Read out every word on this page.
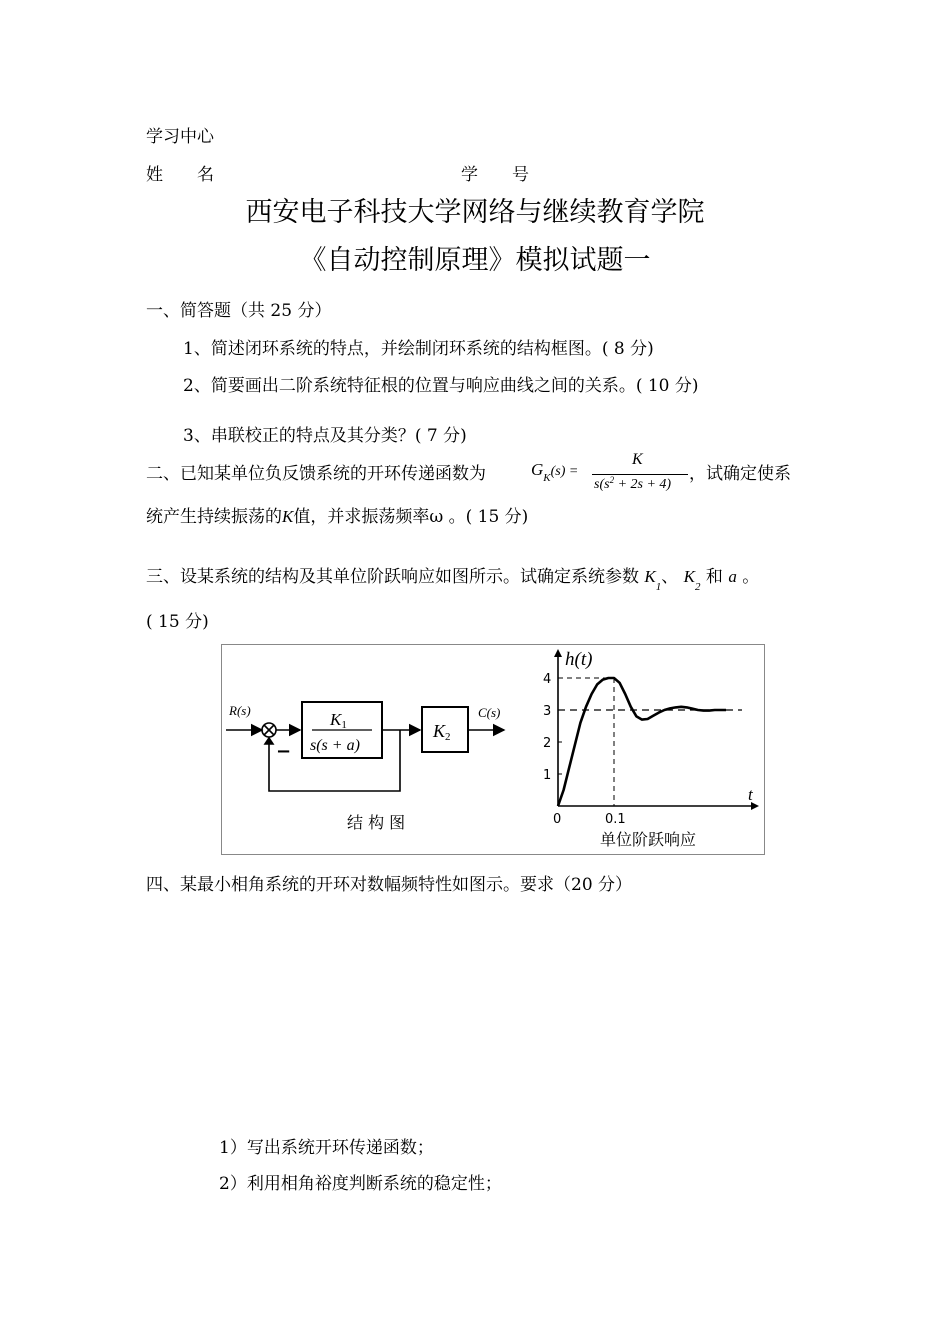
学习中心
姓　　名	学　　号
西安电子科技大学网络与继续教育学院
《自动控制原理》模拟试题一
一、简答题（共 25 分）
1、简述闭环系统的特点，并绘制闭环系统的结构框图。( 8 分)
2、简要画出二阶系统特征根的位置与响应曲线之间的关系。( 10 分)
3、串联校正的特点及其分类？( 7 分)
二、已知某单位负反馈系统的开环传递函数为	$G_K(s)$ =
K
$s(s^2 + 2s + 4)$
，试确定使系
统产生持续振荡的K值，并求振荡频率ω 。( 15 分)
三、设某系统的结构及其单位阶跃响应如图所示。试确定系统参数 $K_1$、 $K_2$ 和 a 。
( 15 分)
R(s)	C(s)
−
K1
s(s + a)
K2
结 构 图
1
2
3
4
0	0.1
h(t)
t
单位阶跃响应
四、某最小相角系统的开环对数幅频特性如图示。要求（20 分）
1）写出系统开环传递函数；
2）利用相角裕度判断系统的稳定性；
